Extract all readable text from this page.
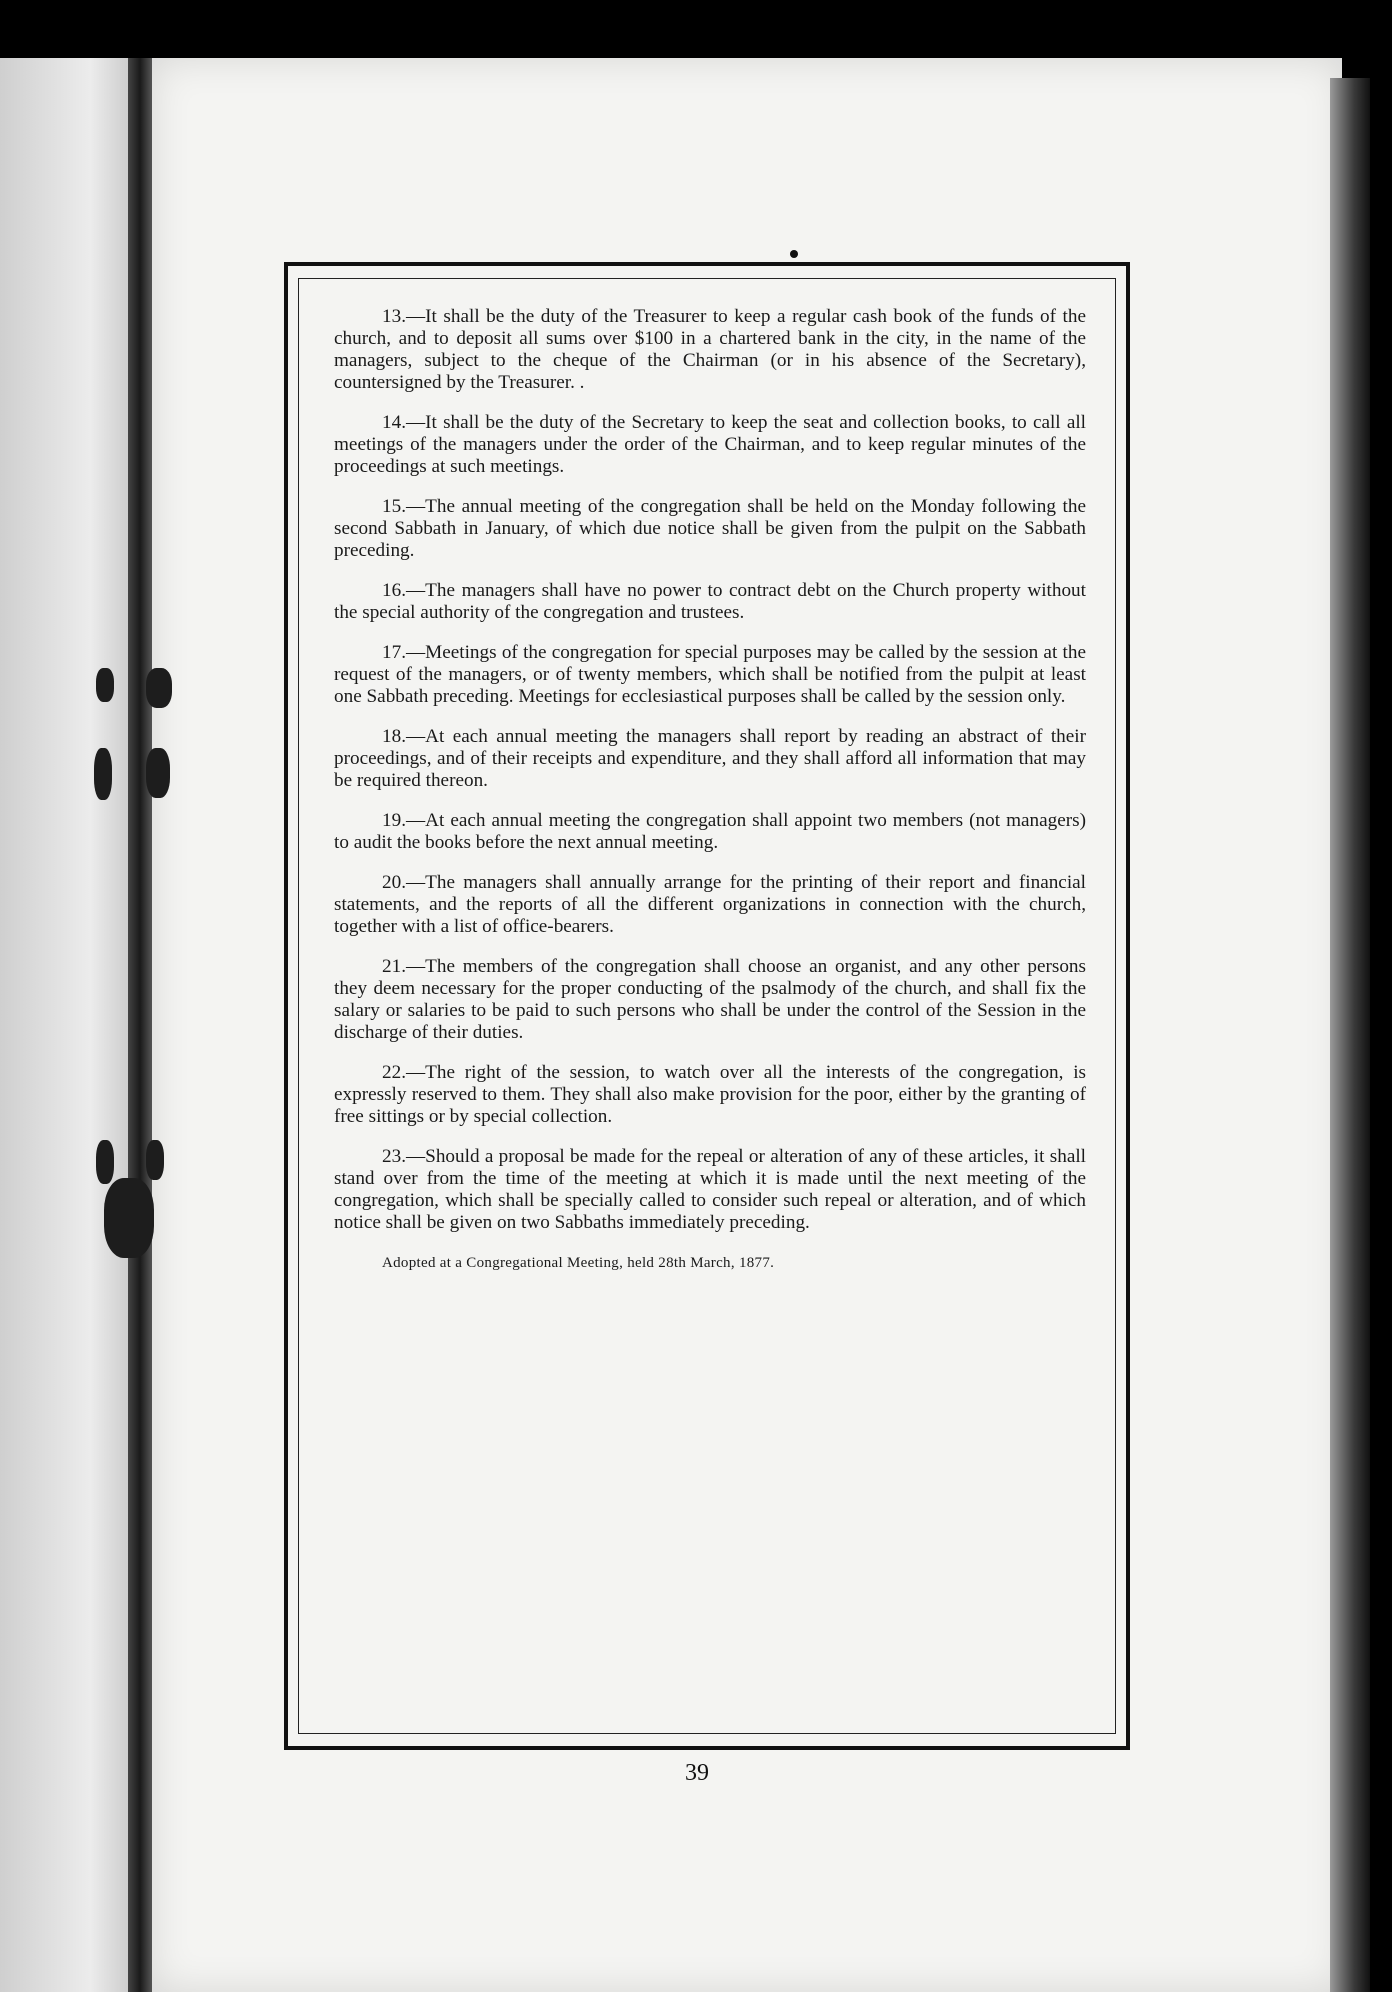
13.—It shall be the duty of the Treasurer to keep a regular cash book of the funds of the church, and to deposit all sums over $100 in a chartered bank in the city, in the name of the managers, subject to the cheque of the Chairman (or in his absence of the Secretary), countersigned by the Treasurer. .

14.—It shall be the duty of the Secretary to keep the seat and collection books, to call all meetings of the managers under the order of the Chairman, and to keep regular minutes of the proceedings at such meetings.

15.—The annual meeting of the congregation shall be held on the Monday following the second Sabbath in January, of which due notice shall be given from the pulpit on the Sabbath preceding.

16.—The managers shall have no power to contract debt on the Church property without the special authority of the congregation and trustees.

17.—Meetings of the congregation for special purposes may be called by the session at the request of the managers, or of twenty members, which shall be notified from the pulpit at least one Sabbath preceding. Meetings for ecclesiastical purposes shall be called by the session only.

18.—At each annual meeting the managers shall report by reading an abstract of their proceedings, and of their receipts and expenditure, and they shall afford all information that may be required thereon.

19.—At each annual meeting the congregation shall appoint two members (not managers) to audit the books before the next annual meeting.

20.—The managers shall annually arrange for the printing of their report and financial statements, and the reports of all the different organizations in connection with the church, together with a list of office-bearers.

21.—The members of the congregation shall choose an organist, and any other persons they deem necessary for the proper conducting of the psalmody of the church, and shall fix the salary or salaries to be paid to such persons who shall be under the control of the Session in the discharge of their duties.

22.—The right of the session, to watch over all the interests of the congregation, is expressly reserved to them. They shall also make provision for the poor, either by the granting of free sittings or by special collection.

23.—Should a proposal be made for the repeal or alteration of any of these articles, it shall stand over from the time of the meeting at which it is made until the next meeting of the congregation, which shall be specially called to consider such repeal or alteration, and of which notice shall be given on two Sabbaths immediately preceding.

Adopted at a Congregational Meeting, held 28th March, 1877.
39
